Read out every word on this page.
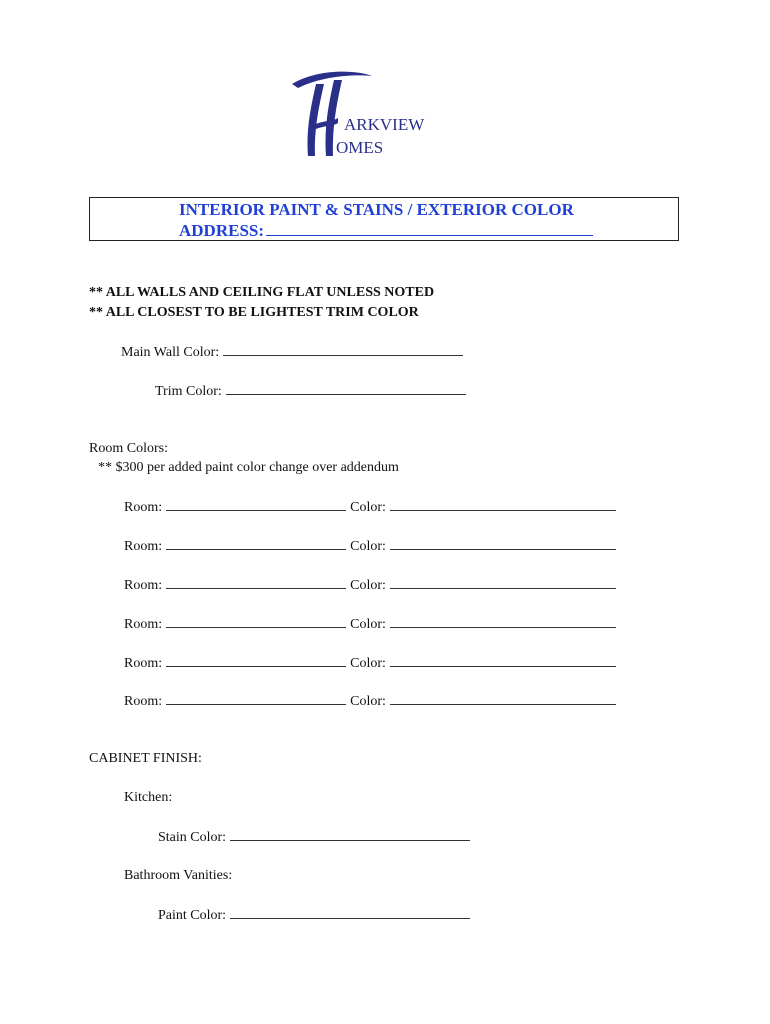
ARKVIEW
OMES
INTERIOR PAINT & STAINS / EXTERIOR COLOR
ADDRESS:
** ALL WALLS AND CEILING FLAT UNLESS NOTED
** ALL CLOSEST TO BE LIGHTEST TRIM COLOR
Main Wall Color:
Trim Color:
Room Colors:
** $300 per added paint color change over addendum
Room:	Color:
Room:	Color:
Room:	Color:
Room:	Color:
Room:	Color:
Room:	Color:
CABINET FINISH:
Kitchen:
Stain Color:
Bathroom Vanities:
Paint Color:
